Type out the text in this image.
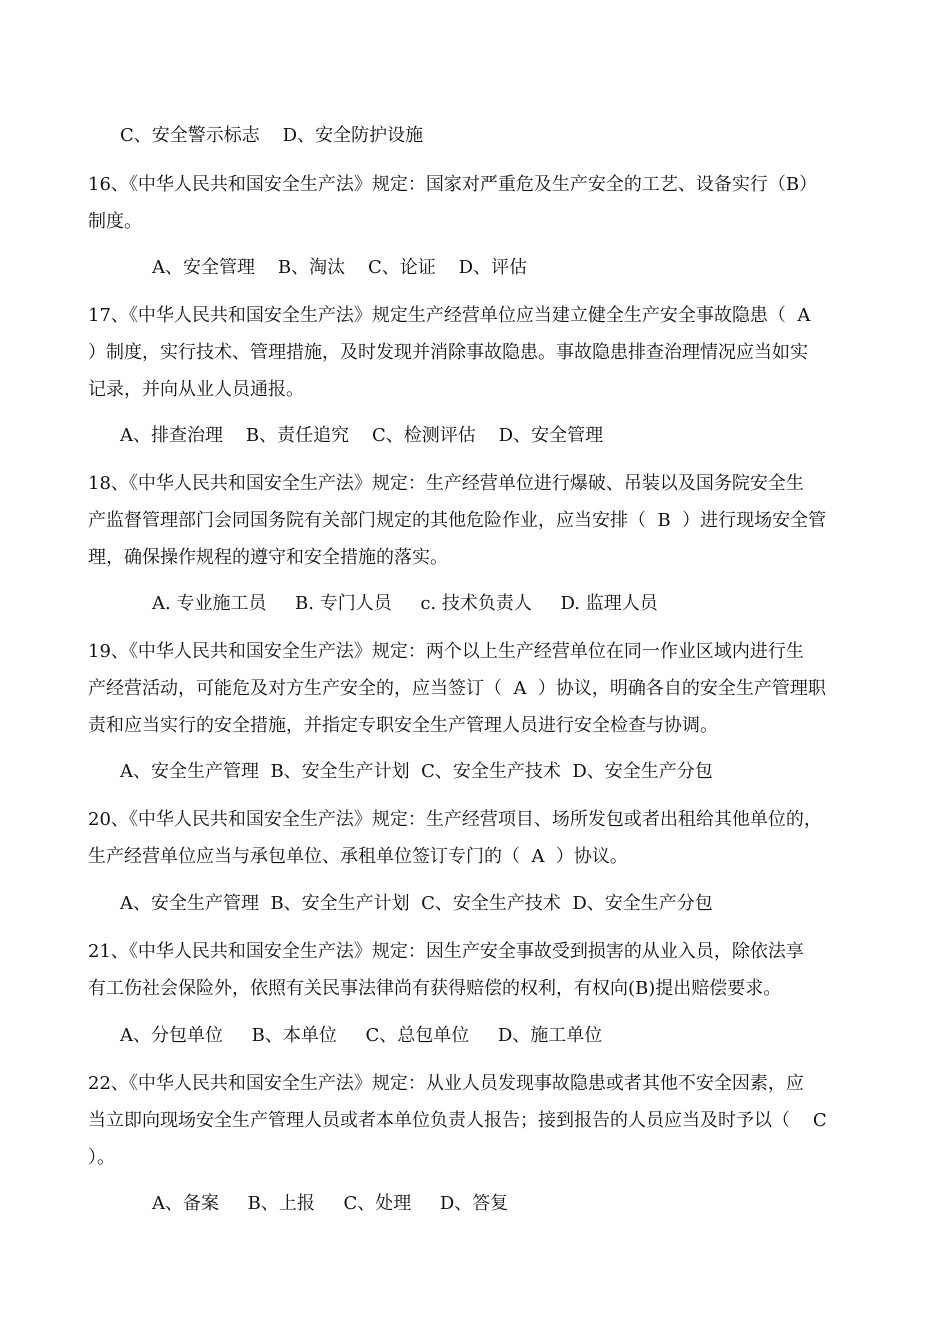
C、安全警示标志    D、安全防护设施
16、《中华人民共和国安全生产法》规定：国家对严重危及生产安全的工艺、设备实行（B）
制度。
A、安全管理    B、淘汰    C、论证    D、评估
17、《中华人民共和国安全生产法》规定生产经营单位应当建立健全生产安全事故隐患（  A
）制度，实行技术、管理措施，及时发现并消除事故隐患。事故隐患排查治理情况应当如实
记录，并向从业人员通报。
A、排查治理    B、责任追究    C、检测评估    D、安全管理
18、《中华人民共和国安全生产法》规定：生产经营单位进行爆破、吊装以及国务院安全生
产监督管理部门会同国务院有关部门规定的其他危险作业，应当安排（  B  ）进行现场安全管
理，确保操作规程的遵守和安全措施的落实。
A. 专业施工员     B. 专门人员     c. 技术负责人     D. 监理人员
19、《中华人民共和国安全生产法》规定：两个以上生产经营单位在同一作业区域内进行生
产经营活动，可能危及对方生产安全的，应当签订（  A  ）协议，明确各自的安全生产管理职
责和应当实行的安全措施，并指定专职安全生产管理人员进行安全检查与协调。
A、安全生产管理  B、安全生产计划  C、安全生产技术  D、安全生产分包
20、《中华人民共和国安全生产法》规定：生产经营项目、场所发包或者出租给其他单位的，
生产经营单位应当与承包单位、承租单位签订专门的（  A  ）协议。
A、安全生产管理  B、安全生产计划  C、安全生产技术  D、安全生产分包
21、《中华人民共和国安全生产法》规定：因生产安全事故受到损害的从业入员，除依法享
有工伤社会保险外，依照有关民事法律尚有获得赔偿的权利，有权向(B)提出赔偿要求。
A、分包单位     B、本单位     C、总包单位     D、施工单位
22、《中华人民共和国安全生产法》规定：从业人员发现事故隐患或者其他不安全因素，应
当立即向现场安全生产管理人员或者本单位负责人报告；接到报告的人员应当及时予以（    C
）。
A、备案     B、上报     C、处理     D、答复
